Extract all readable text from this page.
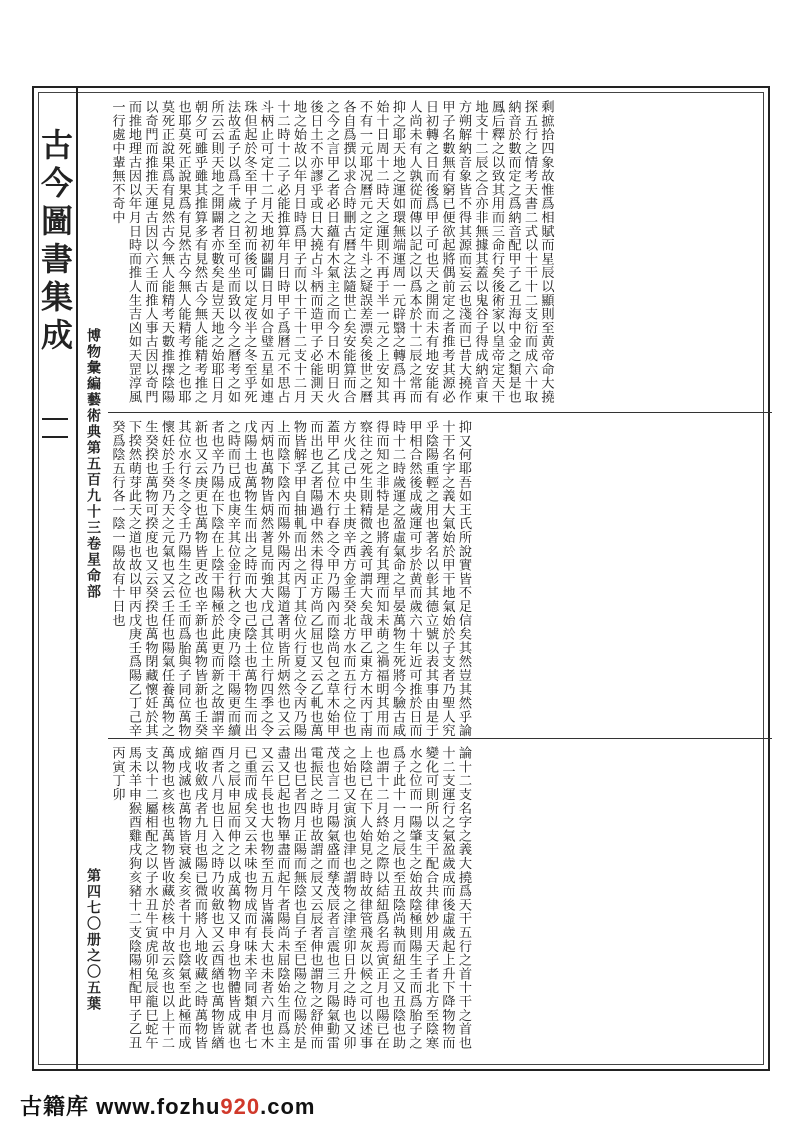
古今圖書集成
博物彙編藝術典第五百九十三卷星命部
第四七〇册之〇五葉
剩摭拾四象故惟爲相賦而星辰以顯則至黄帝命大撓探五行之情考天書二式以十干十二支衍而成六十取納音於數而定之爲納音配甲子乙丑海中金之類是也鳳后釋之以致其用而三命行矣後術家以皇帝定天干地支十二辰之合亦非無據其蓋以鬼谷子得成納音東方朔解納音象皆不得其源而妄云也淺而已昔大撓作甲子名數無有窮已便欲起將偶前定之者推考其源必日初轉之日而後爲甲子可也天之開而未有地安能有人尚未有人孰從而傳以記之以爲本於十二辰之常而抑之耶天地之運如環無端運周一元辟翳之轉爲十再始十日周十二時天之運則不再于半一元之上安知其不有一元耶况曆元之定牛斗之疑誤差漂矣後世之曆各自爲撰以求合時刪古曆之法隨世亡矣安能算而合之今之言甲乙者必日蘊有木氣主之而今日木明日火後日土不亦謬乎或日大撓占斗柄而造甲子必能測天地之始故以年月日時爲甲子而以十干十二支十二月十二時十二子必能推算年月日時甲子爲曆元不思占斗柄止可定十二月天地初闢闢日月如合璧五星如連珠但起於冬至甲子之初而後可以定夜半之冬至乎死法故孟子以爲千歲之日至可坐而致以今之曆考之如所云云則天地之開闢者亦數矣是豈天地之始耶日月朝夕可雖乎雖其推算多有見然古今無人能精考推之也耶莫死正說果爲有見然古今無人能精考推之也耶莫死正說果爲有見然古今無人能精考天數推擇陰陽以奇門而推推天運古因以六壬而推人事古因以奇門而推地理古因以年月日時而推人生吉凶如天罡淳風一行處中輩無不奇中
抑又何耶吾如王氏所說實皆不足信矣其然豈其然乎論十干名字之義大氣始於甲干地氣始於子支者乃聖人究乎陰陽重輕之用也著名以彰其德立號以表其事由是于甲相合然後成歲運可步於黄而歲六十年近可推於日而時十二時歲運之盈虛氣命之早晏萬物生死將今驗古咸得而知之非特是也將有其理而知未萌之禍福明其用而察往之死生則精微之義可謂大矣哉甲乙東方木丙丁南方火戊己中央土庚辛西方金壬癸北方水而五行之位也蓋甲乙其位木行春之令甲乃陽內而陰尚包之草木始甲而出也乙者陽過中然未得正方尚乙屈也又云乙軋也萬物皆解孚甲自抽軋而出之丙丁其位火行夏之令丙乃陽上而陰下陰內而陽外陽丙其陽道著明皆所炳然也又云丙炳也萬物皆炳然著見而強大戊己其位土行四季之令戊陽土也萬物生而出之時而大也己陰土也萬物生而出之時而已成也庚辛其位金行秋之令庚乃陰干陽更而續者也辛乃陽在下陰在上陰干陽極於此更而新之故謂辛新也又云庚更也萬物皆更改也辛新也萬物皆新也壬癸其位水行冬之令壬乃陽生之位壬而爲胎與子同位萬物懷妊於壬癸乃天之元氣也又云壬任也陽氣任養萬物之生癸揆也萬物可揆度也又云癸揆也萬物閉藏懷妊於其下揆然萌芽此天之道也故以甲丙戊庚壬爲陽乙丁己辛癸爲陰五行各一陰一陽故有十日也
論十二支名字之義大撓爲天干五行之首十干之首也十二支運行之氣盈歲成而後虛歲起上升下降物物而變化可則所以支干配合共律妙用天子者北方至陰寒水之位而一陽肇生之始故陰極則陽生壬而爲胎子之爲子此十一月之辰也至丑陰尚執而紐之又丑陰也助也謂十二月終始之際以結紐爲名焉寅正月也陽已在上陰已在下人始見之時故律管飛灰以候之可以述事之始也又寅演也津也謂物之津塗卯日升之時也又卯茂也言二月陽氣盛而孳茂辰者言震也三月陽氣動雷電振民之時也故謂之辰又云辰者伸也謂物之舒伸而出也巳者四月正陽而無陰也自子至巳陽之位陽於是盡又巳起也物畢盡而起午者陽尚未屈陰始生而爲主又云午長也大也物至五月皆滿長大也未者六月也木已重而成矣又云未味也物成而有味未辛同類申者七月之辰申屈而伸之以成萬物又申身也物體皆成就也酉者八月也日入之時乃收斂也又云酉緧也萬物皆緧縮收斂戌者九月也陽已微而將入地收藏之時萬物皆成戌滅也萬物皆衰滅矣亥者十月也陰氣至此極而成萬物也亥核也萬物皆收藏於核中故云亥也以上十二支以十二屬相配之以子水丑牛寅虎卯兔辰龍巳蛇午馬未羊申猴酉雞戌狗亥豬十二支陰陽相配甲子乙丑丙寅丁卯
古籍库 www.fozhu920.com
